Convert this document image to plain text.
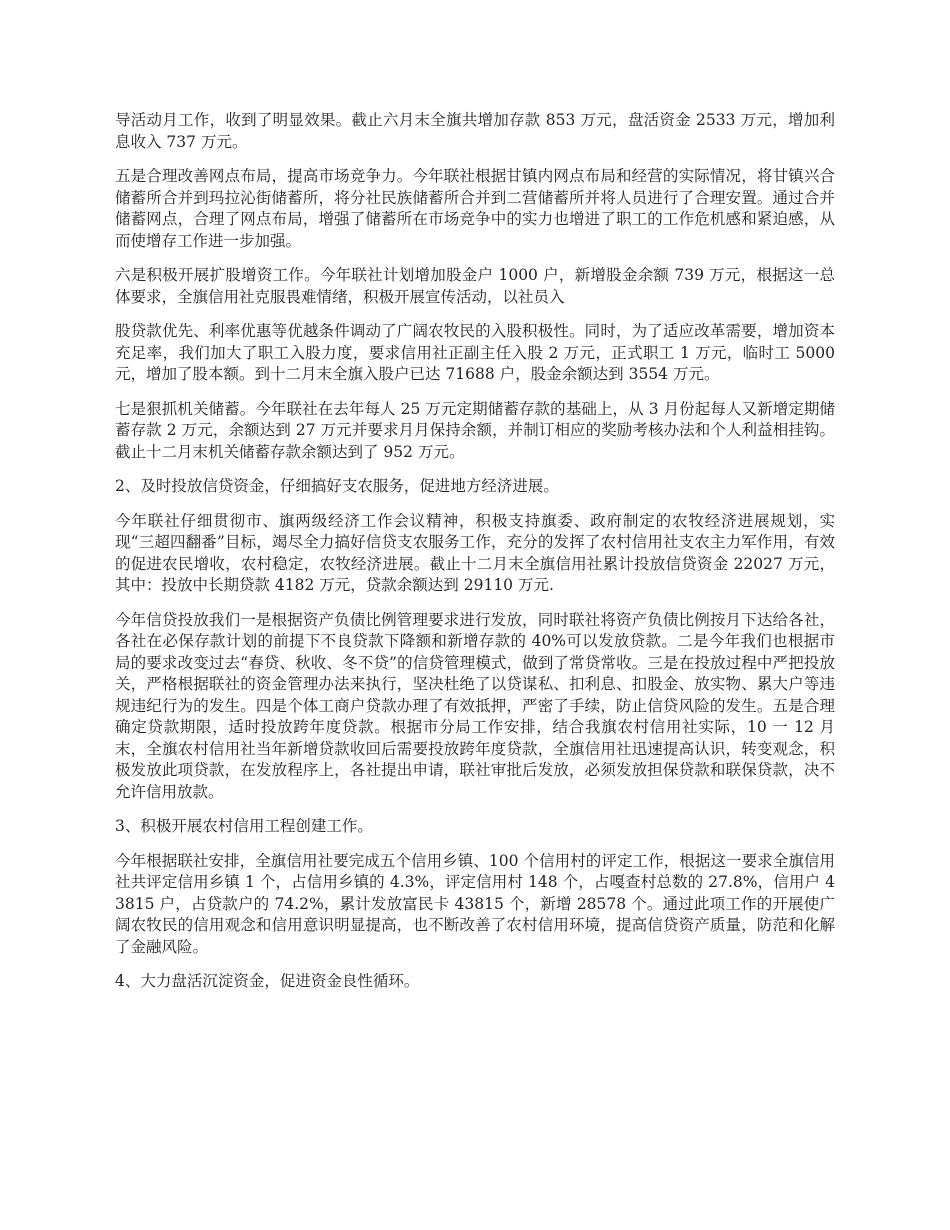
导活动月工作，收到了明显效果。截止六月末全旗共增加存款 853 万元，盘活资金 2533 万元，增加利息收入 737 万元。

五是合理改善网点布局，提高市场竞争力。今年联社根据甘镇内网点布局和经营的实际情况，将甘镇兴合储蓄所合并到玛拉沁街储蓄所，将分社民族储蓄所合并到二营储蓄所并将人员进行了合理安置。通过合并储蓄网点，合理了网点布局，增强了储蓄所在市场竞争中的实力也增进了职工的工作危机感和紧迫感，从而使增存工作进一步加强。

六是积极开展扩股增资工作。今年联社计划增加股金户 1000 户，新增股金余额 739 万元，根据这一总体要求，全旗信用社克服畏难情绪，积极开展宣传活动，以社员入

股贷款优先、利率优惠等优越条件调动了广阔农牧民的入股积极性。同时，为了适应改革需要，增加资本充足率，我们加大了职工入股力度，要求信用社正副主任入股 2 万元，正式职工 1 万元，临时工 5000 元，增加了股本额。到十二月末全旗入股户已达 71688 户，股金余额达到 3554 万元。

七是狠抓机关储蓄。今年联社在去年每人 25 万元定期储蓄存款的基础上，从 3 月份起每人又新增定期储蓄存款 2 万元，余额达到 27 万元并要求月月保持余额，并制订相应的奖励考核办法和个人利益相挂钩。截止十二月末机关储蓄存款余额达到了 952 万元。

2、及时投放信贷资金，仔细搞好支农服务，促进地方经济进展。

今年联社仔细贯彻市、旗两级经济工作会议精神，积极支持旗委、政府制定的农牧经济进展规划，实现“三超四翻番”目标，竭尽全力搞好信贷支农服务工作，充分的发挥了农村信用社支农主力军作用，有效的促进农民增收，农村稳定，农牧经济进展。截止十二月末全旗信用社累计投放信贷资金 22027 万元，其中：投放中长期贷款 4182 万元，贷款余额达到 29110 万元.

今年信贷投放我们一是根据资产负债比例管理要求进行发放，同时联社将资产负债比例按月下达给各社，各社在必保存款计划的前提下不良贷款下降额和新增存款的 40%可以发放贷款。二是今年我们也根据市局的要求改变过去“春贷、秋收、冬不贷”的信贷管理模式，做到了常贷常收。三是在投放过程中严把投放关，严格根据联社的资金管理办法来执行，坚决杜绝了以贷谋私、扣利息、扣股金、放实物、累大户等违规违纪行为的发生。四是个体工商户贷款办理了有效抵押，严密了手续，防止信贷风险的发生。五是合理确定贷款期限，适时投放跨年度贷款。根据市分局工作安排，结合我旗农村信用社实际，10 一 12 月末，全旗农村信用社当年新增贷款收回后需要投放跨年度贷款，全旗信用社迅速提高认识，转变观念，积极发放此项贷款，在发放程序上，各社提出申请，联社审批后发放，必须发放担保贷款和联保贷款，决不允许信用放款。

3、积极开展农村信用工程创建工作。

今年根据联社安排，全旗信用社要完成五个信用乡镇、100 个信用村的评定工作，根据这一要求全旗信用社共评定信用乡镇 1 个，占信用乡镇的 4.3%，评定信用村 148 个，占嘎查村总数的 27.8%，信用户 43815 户，占贷款户的 74.2%，累计发放富民卡 43815 个，新增 28578 个。通过此项工作的开展使广阔农牧民的信用观念和信用意识明显提高，也不断改善了农村信用环境，提高信贷资产质量，防范和化解了金融风险。

4、大力盘活沉淀资金，促进资金良性循环。
